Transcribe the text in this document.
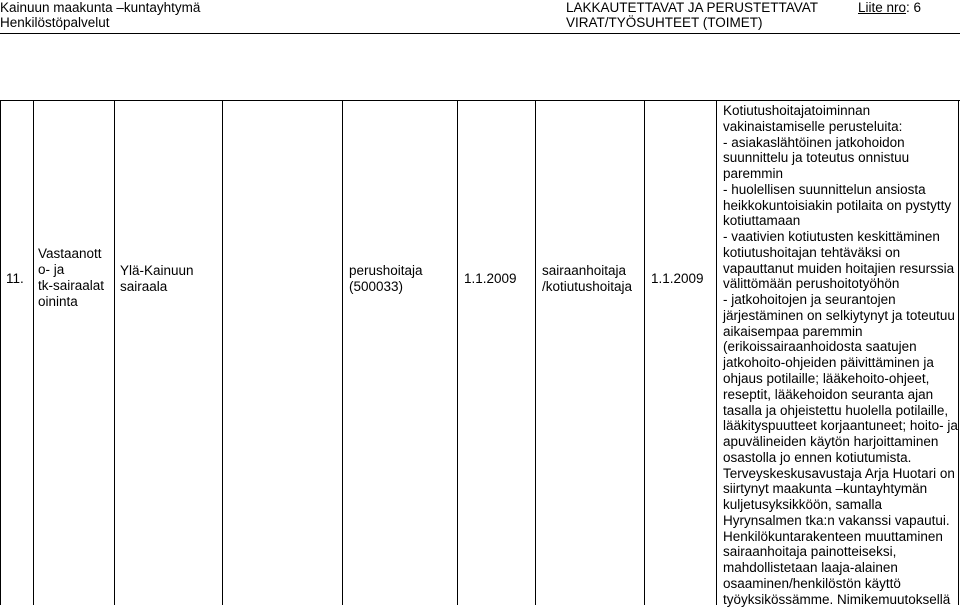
Kainuun maakunta –kuntayhtymä
Henkilöstöpalvelut
LAKKAUTETTAVAT JA PERUSTETTAVAT
VIRAT/TYÖSUHTEET (TOIMET)
Liite nro: 6
11.
Vastaanott
o- ja
tk-sairaalat
oininta
Ylä-Kainuun
sairaala
perushoitaja
(500033)
1.1.2009
sairaanhoitaja
/kotiutushoitaja
1.1.2009
Kotiutushoitajatoiminnan
vakinaistamiselle perusteluita:
- asiakaslähtöinen jatkohoidon
suunnittelu ja toteutus onnistuu
paremmin
- huolellisen suunnittelun ansiosta
heikkokuntoisiakin potilaita on pystytty
kotiuttamaan
- vaativien kotiutusten keskittäminen
kotiutushoitajan tehtäväksi on
vapauttanut muiden hoitajien resurssia
välittömään perushoitotyöhön
- jatkohoitojen ja seurantojen
järjestäminen on selkiytynyt ja toteutuu
aikaisempaa paremmin
(erikoissairaanhoidosta saatujen
jatkohoito-ohjeiden päivittäminen ja
ohjaus potilaille; lääkehoito-ohjeet,
reseptit, lääkehoidon seuranta ajan
tasalla ja ohjeistettu huolella potilaille,
lääkityspuutteet korjaantuneet; hoito- ja
apuvälineiden käytön harjoittaminen
osastolla jo ennen kotiutumista.
Terveyskeskusavustaja Arja Huotari on
siirtynyt maakunta –kuntayhtymän
kuljetusyksikköön, samalla
Hyrynsalmen tka:n vakanssi vapautui.
Henkilökuntarakenteen muuttaminen
sairaanhoitaja painotteiseksi,
mahdollistetaan laaja-alainen
osaaminen/henkilöstön käyttö
työyksikössämme. Nimikemuutoksellä
